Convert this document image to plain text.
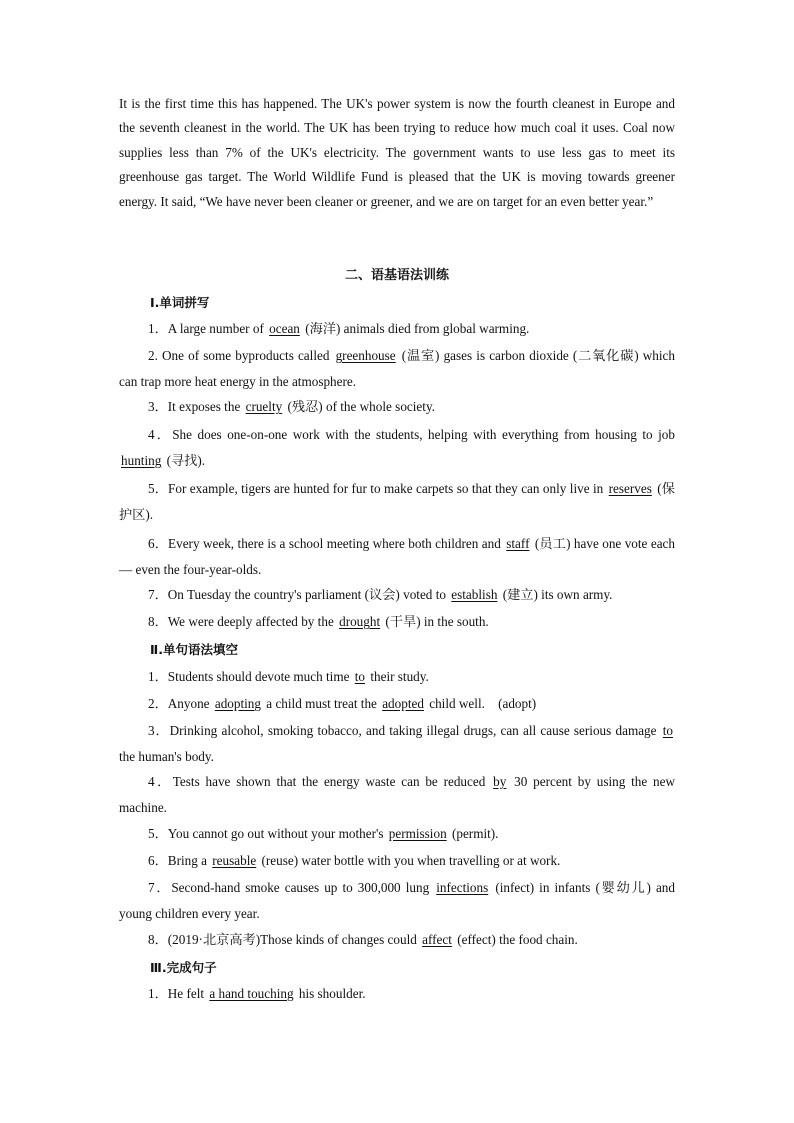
It is the first time this has happened. The UK's power system is now the fourth cleanest in Europe and the seventh cleanest in the world. The UK has been trying to reduce how much coal it uses. Coal now supplies less than 7% of the UK's electricity. The government wants to use less gas to meet its greenhouse gas target. The World Wildlife Fund is pleased that the UK is moving towards greener energy. It said, “We have never been cleaner or greener, and we are on target for an even better year.”

二、语基语法训练
Ⅰ.单词拼写
1．A large number of ocean (海洋) animals died from global warming.
2. One of some byproducts called greenhouse (温室) gases is carbon dioxide (二氧化碳) which can trap more heat energy in the atmosphere.
3．It exposes the cruelty (残忍) of the whole society.
4．She does one-on-one work with the students, helping with everything from housing to job hunting (寻找).
5．For example, tigers are hunted for fur to make carpets so that they can only live in reserves (保护区).
6．Every week, there is a school meeting where both children and staff (员工) have one vote each — even the four-year-olds.
7．On Tuesday the country's parliament (议会) voted to establish (建立) its own army.
8．We were deeply affected by the drought (干旱) in the south.
Ⅱ.单句语法填空
1．Students should devote much time to their study.
2．Anyone adopting a child must treat the adopted child well.　(adopt)
3．Drinking alcohol, smoking tobacco, and taking illegal drugs, can all cause serious damage to the human's body.
4．Tests have shown that the energy waste can be reduced by 30 percent by using the new machine.
5．You cannot go out without your mother's permission (permit).
6．Bring a reusable (reuse) water bottle with you when travelling or at work.
7．Second-hand smoke causes up to 300,000 lung infections (infect) in infants (婴幼儿) and young children every year.
8．(2019·北京高考)Those kinds of changes could affect (effect) the food chain.
Ⅲ.完成句子
1．He felt a hand touching his shoulder.
